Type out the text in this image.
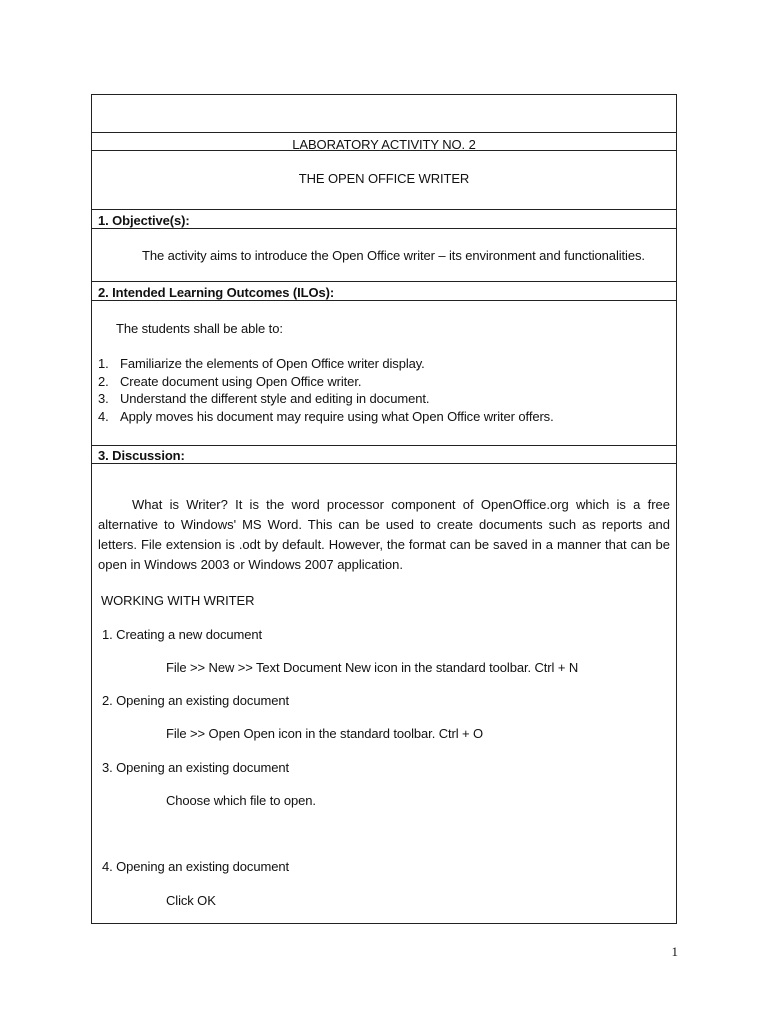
LABORATORY ACTIVITY NO. 2
THE OPEN OFFICE WRITER
1. Objective(s):
The activity aims to introduce the Open Office writer – its environment and functionalities.
2. Intended Learning Outcomes (ILOs):
The students shall be able to:
1. Familiarize the elements of Open Office writer display.
2. Create document using Open Office writer.
3. Understand the different style and editing in document.
4. Apply moves his document may require using what Open Office writer offers.
3. Discussion:
What is Writer? It is the word processor component of OpenOffice.org which is a free alternative to Windows' MS Word. This can be used to create documents such as reports and letters. File extension is .odt by default. However, the format can be saved in a manner that can be open in Windows 2003 or Windows 2007 application.
WORKING WITH WRITER
1. Creating a new document
File >> New >> Text Document New icon in the standard toolbar. Ctrl + N
2. Opening an existing document
File >> Open Open icon in the standard toolbar. Ctrl + O
3. Opening an existing document
Choose which file to open.
4. Opening an existing document
Click OK
1
